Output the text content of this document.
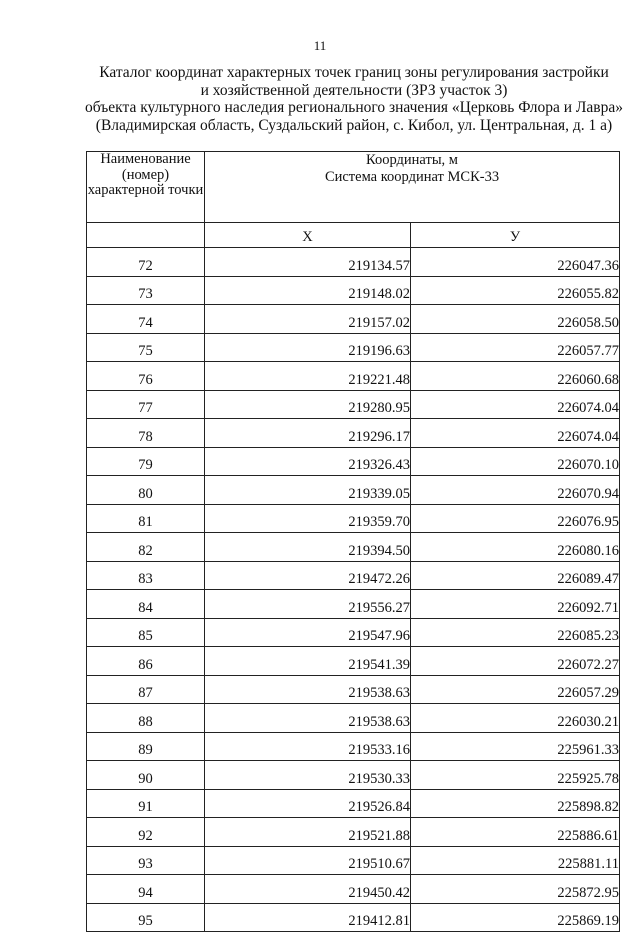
11
Каталог координат характерных точек границ зоны регулирования застройки
и хозяйственной деятельности (ЗРЗ участок 3)
объекта культурного наследия регионального значения «Церковь Флора и Лавра»
(Владимирская область, Суздальский район, с. Кибол, ул. Центральная, д. 1 а)
Наименование (номер) характерной точки	Координаты, м
Система координат МСК-33	

	X	У
72	219134.57	226047.36
73	219148.02	226055.82
74	219157.02	226058.50
75	219196.63	226057.77
76	219221.48	226060.68
77	219280.95	226074.04
78	219296.17	226074.04
79	219326.43	226070.10
80	219339.05	226070.94
81	219359.70	226076.95
82	219394.50	226080.16
83	219472.26	226089.47
84	219556.27	226092.71
85	219547.96	226085.23
86	219541.39	226072.27
87	219538.63	226057.29
88	219538.63	226030.21
89	219533.16	225961.33
90	219530.33	225925.78
91	219526.84	225898.82
92	219521.88	225886.61
93	219510.67	225881.11
94	219450.42	225872.95
95	219412.81	225869.19
